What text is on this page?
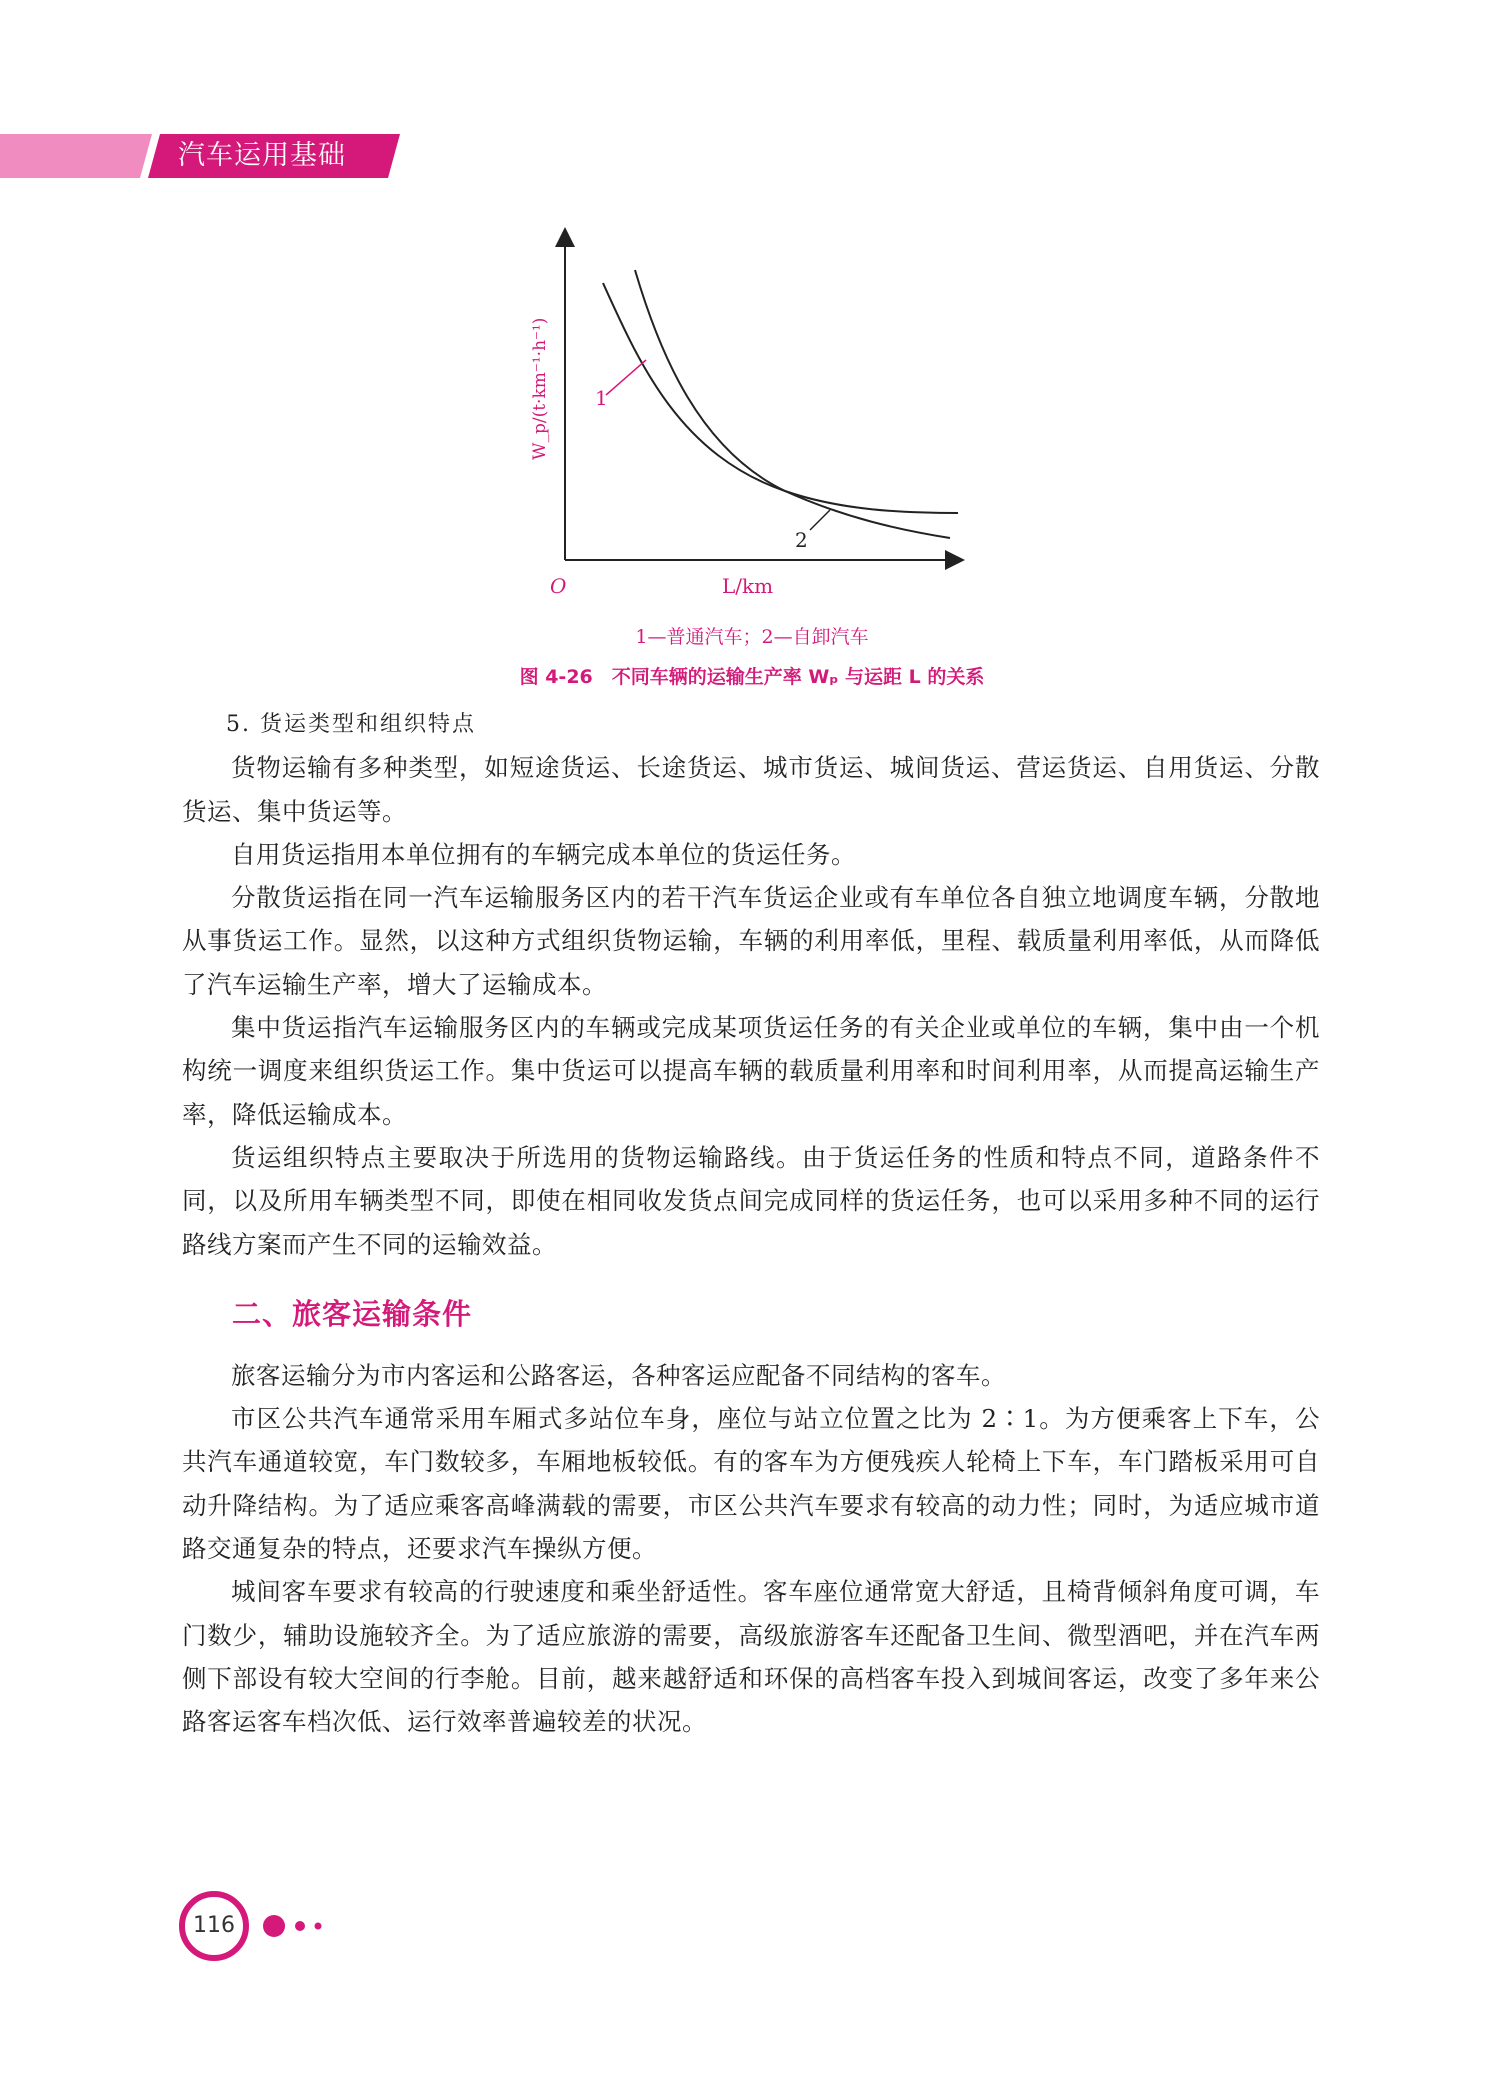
汽车运用基础
1
2
O	L/km
W_p/(t·km⁻¹·h⁻¹)
1—普通汽车；2—自卸汽车
图 4-26　不同车辆的运输生产率 Wₚ 与运距 L 的关系

5. 货运类型和组织特点

货物运输有多种类型，如短途货运、长途货运、城市货运、城间货运、营运货运、自用货运、分散货运、集中货运等。

自用货运指用本单位拥有的车辆完成本单位的货运任务。

分散货运指在同一汽车运输服务区内的若干汽车货运企业或有车单位各自独立地调度车辆，分散地从事货运工作。显然，以这种方式组织货物运输，车辆的利用率低，里程、载质量利用率低，从而降低了汽车运输生产率，增大了运输成本。

集中货运指汽车运输服务区内的车辆或完成某项货运任务的有关企业或单位的车辆，集中由一个机构统一调度来组织货运工作。集中货运可以提高车辆的载质量利用率和时间利用率，从而提高运输生产率，降低运输成本。

货运组织特点主要取决于所选用的货物运输路线。由于货运任务的性质和特点不同，道路条件不同，以及所用车辆类型不同，即使在相同收发货点间完成同样的货运任务，也可以采用多种不同的运行路线方案而产生不同的运输效益。

二、旅客运输条件

旅客运输分为市内客运和公路客运，各种客运应配备不同结构的客车。

市区公共汽车通常采用车厢式多站位车身，座位与站立位置之比为 2∶1。为方便乘客上下车，公共汽车通道较宽，车门数较多，车厢地板较低。有的客车为方便残疾人轮椅上下车，车门踏板采用可自动升降结构。为了适应乘客高峰满载的需要，市区公共汽车要求有较高的动力性；同时，为适应城市道路交通复杂的特点，还要求汽车操纵方便。

城间客车要求有较高的行驶速度和乘坐舒适性。客车座位通常宽大舒适，且椅背倾斜角度可调，车门数少，辅助设施较齐全。为了适应旅游的需要，高级旅游客车还配备卫生间、微型酒吧，并在汽车两侧下部设有较大空间的行李舱。目前，越来越舒适和环保的高档客车投入到城间客运，改变了多年来公路客运客车档次低、运行效率普遍较差的状况。

116
